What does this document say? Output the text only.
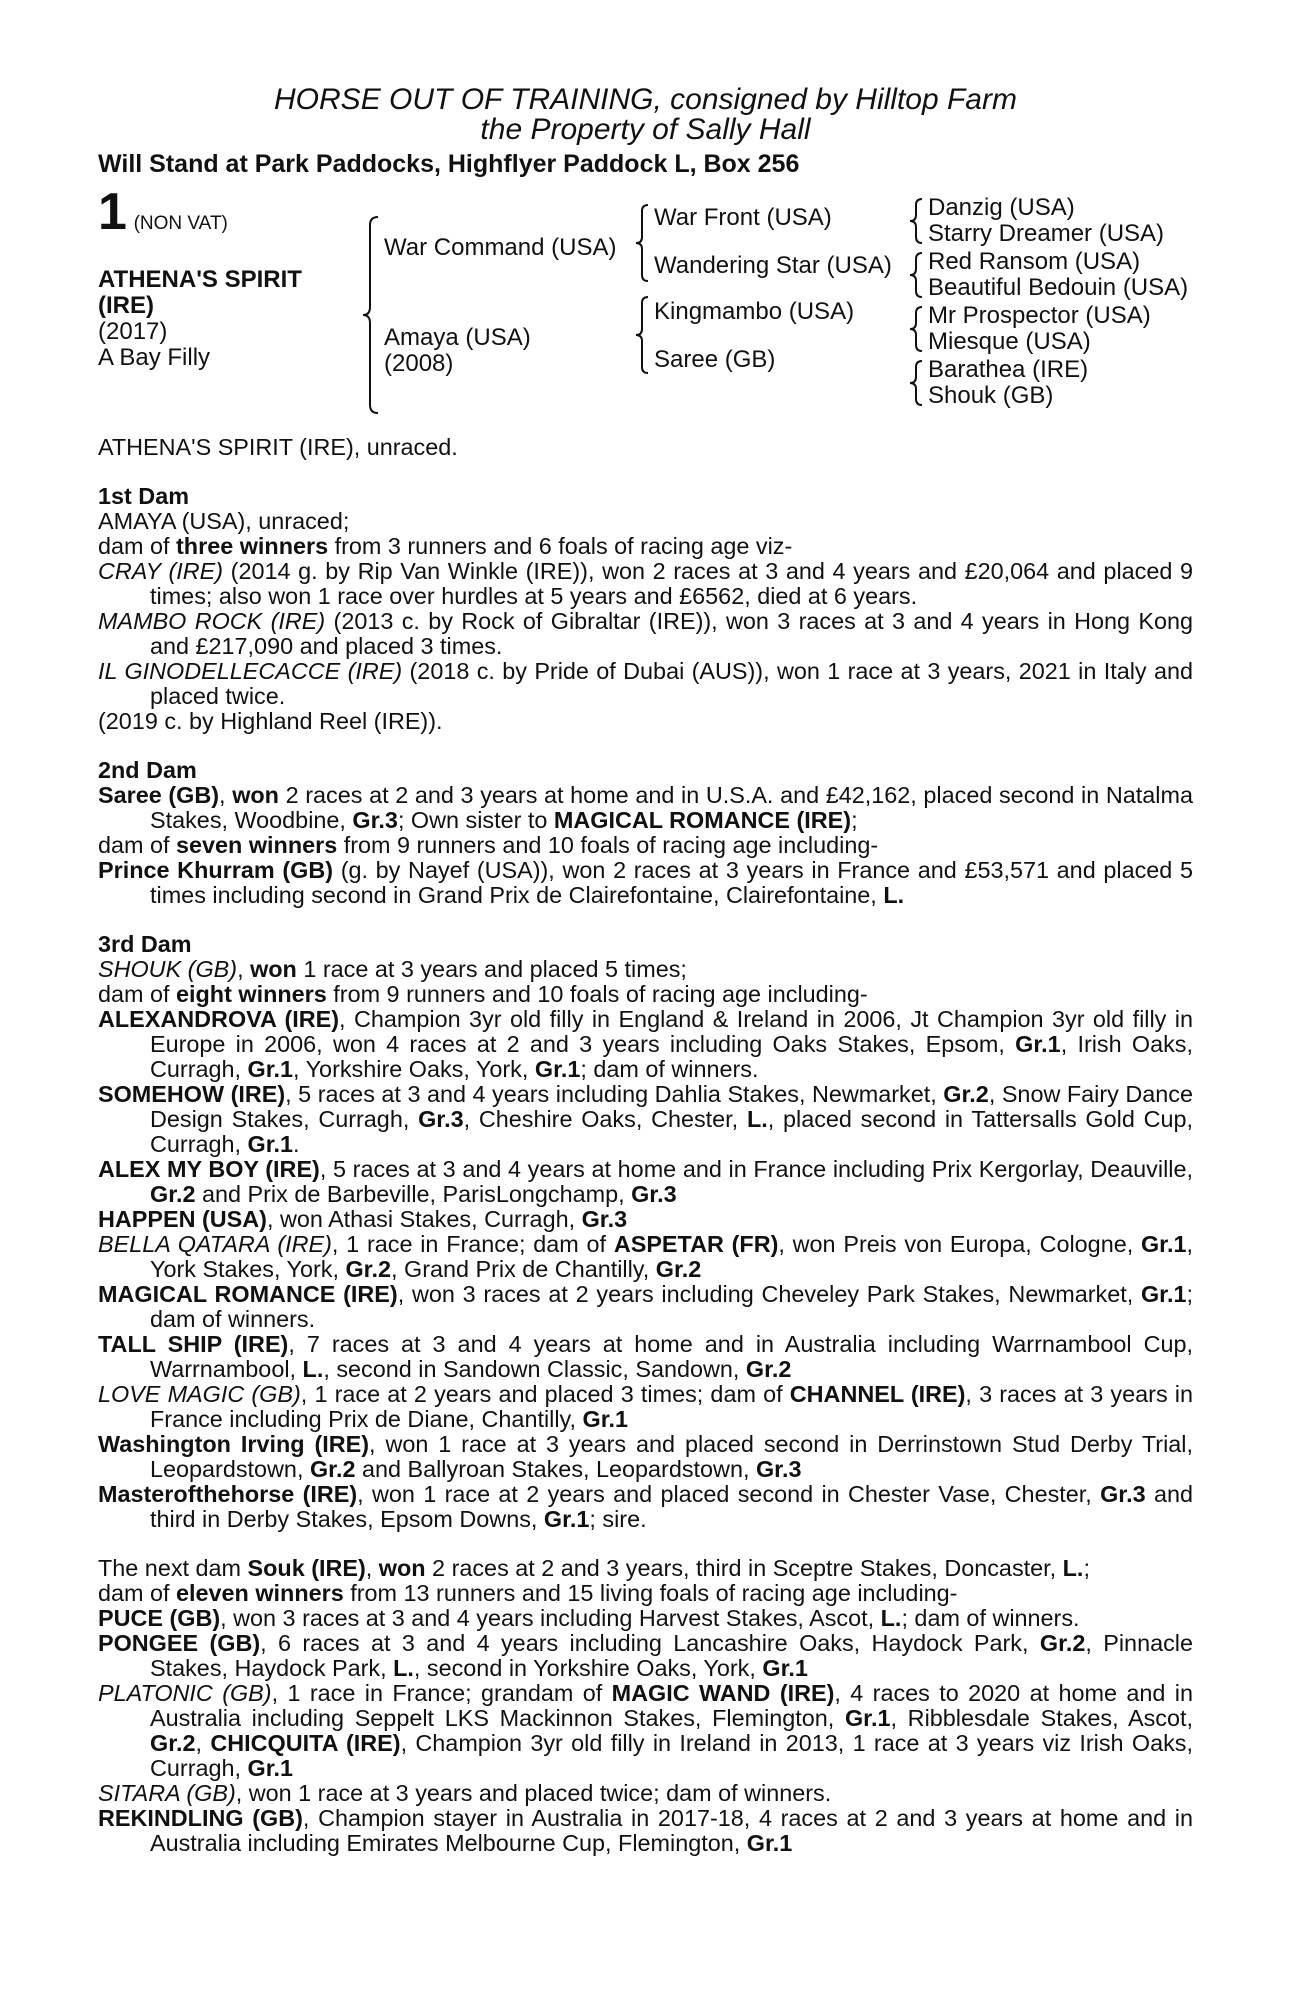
HORSE OUT OF TRAINING, consigned by Hilltop Farm
the Property of Sally Hall
Will Stand at Park Paddocks, Highflyer Paddock L, Box 256
1 (NON VAT)
ATHENA'S SPIRIT
(IRE)
(2017)
A Bay Filly
War Command (USA)
Amaya (USA)
(2008)
War Front (USA)
Wandering Star (USA)
Kingmambo (USA)
Saree (GB)
Danzig (USA)
Starry Dreamer (USA)
Red Ransom (USA)
Beautiful Bedouin (USA)
Mr Prospector (USA)
Miesque (USA)
Barathea (IRE)
Shouk (GB)

ATHENA'S SPIRIT (IRE), unraced.

1st Dam

AMAYA (USA), unraced;

dam of three winners from 3 runners and 6 foals of racing age viz-

CRAY (IRE) (2014 g. by Rip Van Winkle (IRE)), won 2 races at 3 and 4 years and £20,064 and placed 9 times; also won 1 race over hurdles at 5 years and £6562, died at 6 years.

MAMBO ROCK (IRE) (2013 c. by Rock of Gibraltar (IRE)), won 3 races at 3 and 4 years in Hong Kong and £217,090 and placed 3 times.

IL GINODELLECACCE (IRE) (2018 c. by Pride of Dubai (AUS)), won 1 race at 3 years, 2021 in Italy and placed twice.

(2019 c. by Highland Reel (IRE)).

2nd Dam

Saree (GB), won 2 races at 2 and 3 years at home and in U.S.A. and £42,162, placed second in Natalma Stakes, Woodbine, Gr.3; Own sister to MAGICAL ROMANCE (IRE);

dam of seven winners from 9 runners and 10 foals of racing age including-

Prince Khurram (GB) (g. by Nayef (USA)), won 2 races at 3 years in France and £53,571 and placed 5 times including second in Grand Prix de Clairefontaine, Clairefontaine, L.

3rd Dam

SHOUK (GB), won 1 race at 3 years and placed 5 times;

dam of eight winners from 9 runners and 10 foals of racing age including-

ALEXANDROVA (IRE), Champion 3yr old filly in England & Ireland in 2006, Jt Champion 3yr old filly in Europe in 2006, won 4 races at 2 and 3 years including Oaks Stakes, Epsom, Gr.1, Irish Oaks, Curragh, Gr.1, Yorkshire Oaks, York, Gr.1; dam of winners.

SOMEHOW (IRE), 5 races at 3 and 4 years including Dahlia Stakes, Newmarket, Gr.2, Snow Fairy Dance Design Stakes, Curragh, Gr.3, Cheshire Oaks, Chester, L., placed second in Tattersalls Gold Cup, Curragh, Gr.1.

ALEX MY BOY (IRE), 5 races at 3 and 4 years at home and in France including Prix Kergorlay, Deauville, Gr.2 and Prix de Barbeville, ParisLongchamp, Gr.3

HAPPEN (USA), won Athasi Stakes, Curragh, Gr.3

BELLA QATARA (IRE), 1 race in France; dam of ASPETAR (FR), won Preis von Europa, Cologne, Gr.1, York Stakes, York, Gr.2, Grand Prix de Chantilly, Gr.2

MAGICAL ROMANCE (IRE), won 3 races at 2 years including Cheveley Park Stakes, Newmarket, Gr.1; dam of winners.

TALL SHIP (IRE), 7 races at 3 and 4 years at home and in Australia including Warrnambool Cup, Warrnambool, L., second in Sandown Classic, Sandown, Gr.2

LOVE MAGIC (GB), 1 race at 2 years and placed 3 times; dam of CHANNEL (IRE), 3 races at 3 years in France including Prix de Diane, Chantilly, Gr.1

Washington Irving (IRE), won 1 race at 3 years and placed second in Derrinstown Stud Derby Trial, Leopardstown, Gr.2 and Ballyroan Stakes, Leopardstown, Gr.3

Masterofthehorse (IRE), won 1 race at 2 years and placed second in Chester Vase, Chester, Gr.3 and third in Derby Stakes, Epsom Downs, Gr.1; sire.

The next dam Souk (IRE), won 2 races at 2 and 3 years, third in Sceptre Stakes, Doncaster, L.;

dam of eleven winners from 13 runners and 15 living foals of racing age including-

PUCE (GB), won 3 races at 3 and 4 years including Harvest Stakes, Ascot, L.; dam of winners.

PONGEE (GB), 6 races at 3 and 4 years including Lancashire Oaks, Haydock Park, Gr.2, Pinnacle Stakes, Haydock Park, L., second in Yorkshire Oaks, York, Gr.1

PLATONIC (GB), 1 race in France; grandam of MAGIC WAND (IRE), 4 races to 2020 at home and in Australia including Seppelt LKS Mackinnon Stakes, Flemington, Gr.1, Ribblesdale Stakes, Ascot, Gr.2, CHICQUITA (IRE), Champion 3yr old filly in Ireland in 2013, 1 race at 3 years viz Irish Oaks, Curragh, Gr.1

SITARA (GB), won 1 race at 3 years and placed twice; dam of winners.

REKINDLING (GB), Champion stayer in Australia in 2017-18, 4 races at 2 and 3 years at home and in Australia including Emirates Melbourne Cup, Flemington, Gr.1
